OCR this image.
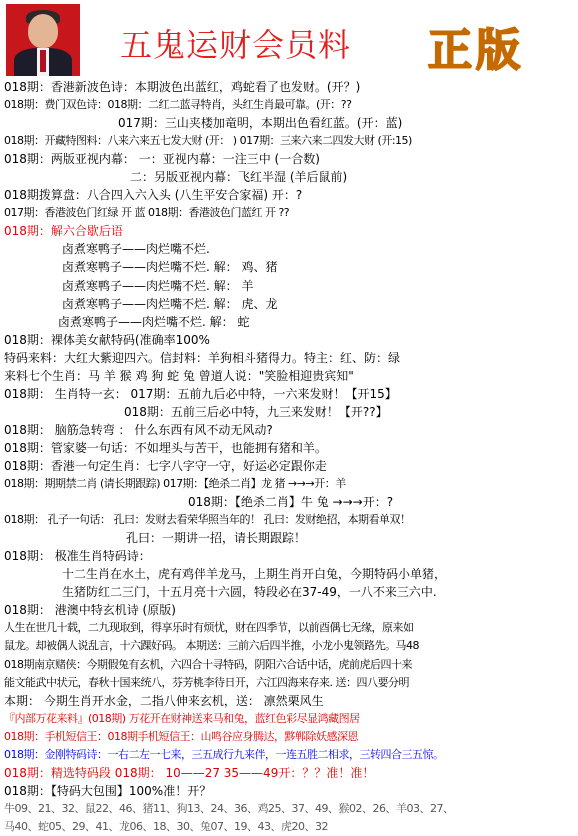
五鬼运财会员料 正版
018期：香港新波色诗：本期波色出蓝红，鸡蛇看了也发财。(开？)
018期：费门双色诗：018期：二红二蓝寻特肖，头红生肖最可靠。(开：??
017期：三山夹楼加竜明，本期出色看红蓝。(开：蓝)
018期：开藏特图料：八来六来五七发大财 (开： ) 017期：三来六来二四发大财 (开:15)
018期：两版亚视内幕： 一：亚视内幕：一注三中 (一合数)
二：另版亚视内幕：飞红半湿 (羊后鼠前)
018期拨算盘：八合四入六入头 (八生平安合家福) 开：?
017期：香港波色门红绿 开 蓝 018期：香港波色门蓝红 开 ??
018期：解六合歇后语
卤煮寒鸭子——肉烂嘴不烂.
卤煮寒鸭子——肉烂嘴不烂. 解： 鸡、猪
卤煮寒鸭子——肉烂嘴不烂. 解： 羊
卤煮寒鸭子——肉烂嘴不烂. 解： 虎、龙
卤煮寒鸭子——肉烂嘴不烂. 解： 蛇
018期：裸体美女献特码(准确率100%
特码来料：大红大紫迎四六。信封料：羊狗相斗猪得力。特主：红、防：绿
来料七个生肖：马 羊 猴 鸡 狗 蛇 兔 曾道人说："笑脸相迎贵宾知"
018期： 生肖特一玄： 017期：五前九后必中特，一六来发财！【开15】
018期：五前三后必中特，九三来发财！【开??】
018期： 脑筋急转弯 ： 什么东西有风不动无风动?
018期：管家婆一句话：不如埋头与苦干，也能拥有猪和羊。
018期：香港一句定生肖：七字八字守一守，好运必定跟你走
018期：期期禁二肖 (请长期跟踪) 017期：【绝杀二肖】龙 猪 →→→开：羊
018期：【绝杀二肖】牛 兔 →→→开：?
018期： 孔子一句话： 孔曰：发财去看荣华照当年的！ 孔曰：发财绝招，本期看单双！
孔曰：一期讲一招，请长期跟踪！
018期： 极准生肖特码诗：
十二生肖在水土，虎有鸡伴羊龙马，上期生肖开白兔，今期特码小单猪，
生猪防红二三门，十五月亮十六圆，特段必在37-49，一八不来三六中.
018期： 港澳中特玄机诗 (原版)
人生在世几十载，二九现取到，得享乐时有烦忧，财在四季节，以前酉偶七无缘，原来如
鼠龙。却被偶人说乱言，十六踝好码。 本期送：三前六后四半推，小龙小鬼领路先。马48
018期南京赌侠：今期假兔有玄机，六四合十寻特码，阴阳六合话中话，虎前虎后四十来
能文能武中状元，春秋十国来统八，芬芳桃李待日开，六江四海来存来. 送：四八要分明
本期： 今期生肖开水金，二指八伸来玄机，送： 凛然栗风生
『内部万花来料』(018期) 万花开在财神送来马和兔，蓝红色彩尽显鸿藏图居
018期：手机短信王：018期手机短信王：山鸣谷应身腾达，黟郸除妖感深恩
018期：金刚特码诗：一右二左一七来，三五成行九来伴，一连五胜二相求，三转四合三五惊。
018期：精选特码段 018期： 10——27 35——49开：？？准！准！
018期：【特码大包围】100%准！开？
牛09、21、32、鼠22、46、猪11、狗13、24、36、鸡25、37、49、猴02、26、羊03、27、
马40、蛇05、29、41、龙06、18、30、兔07、19、43、虎20、32
